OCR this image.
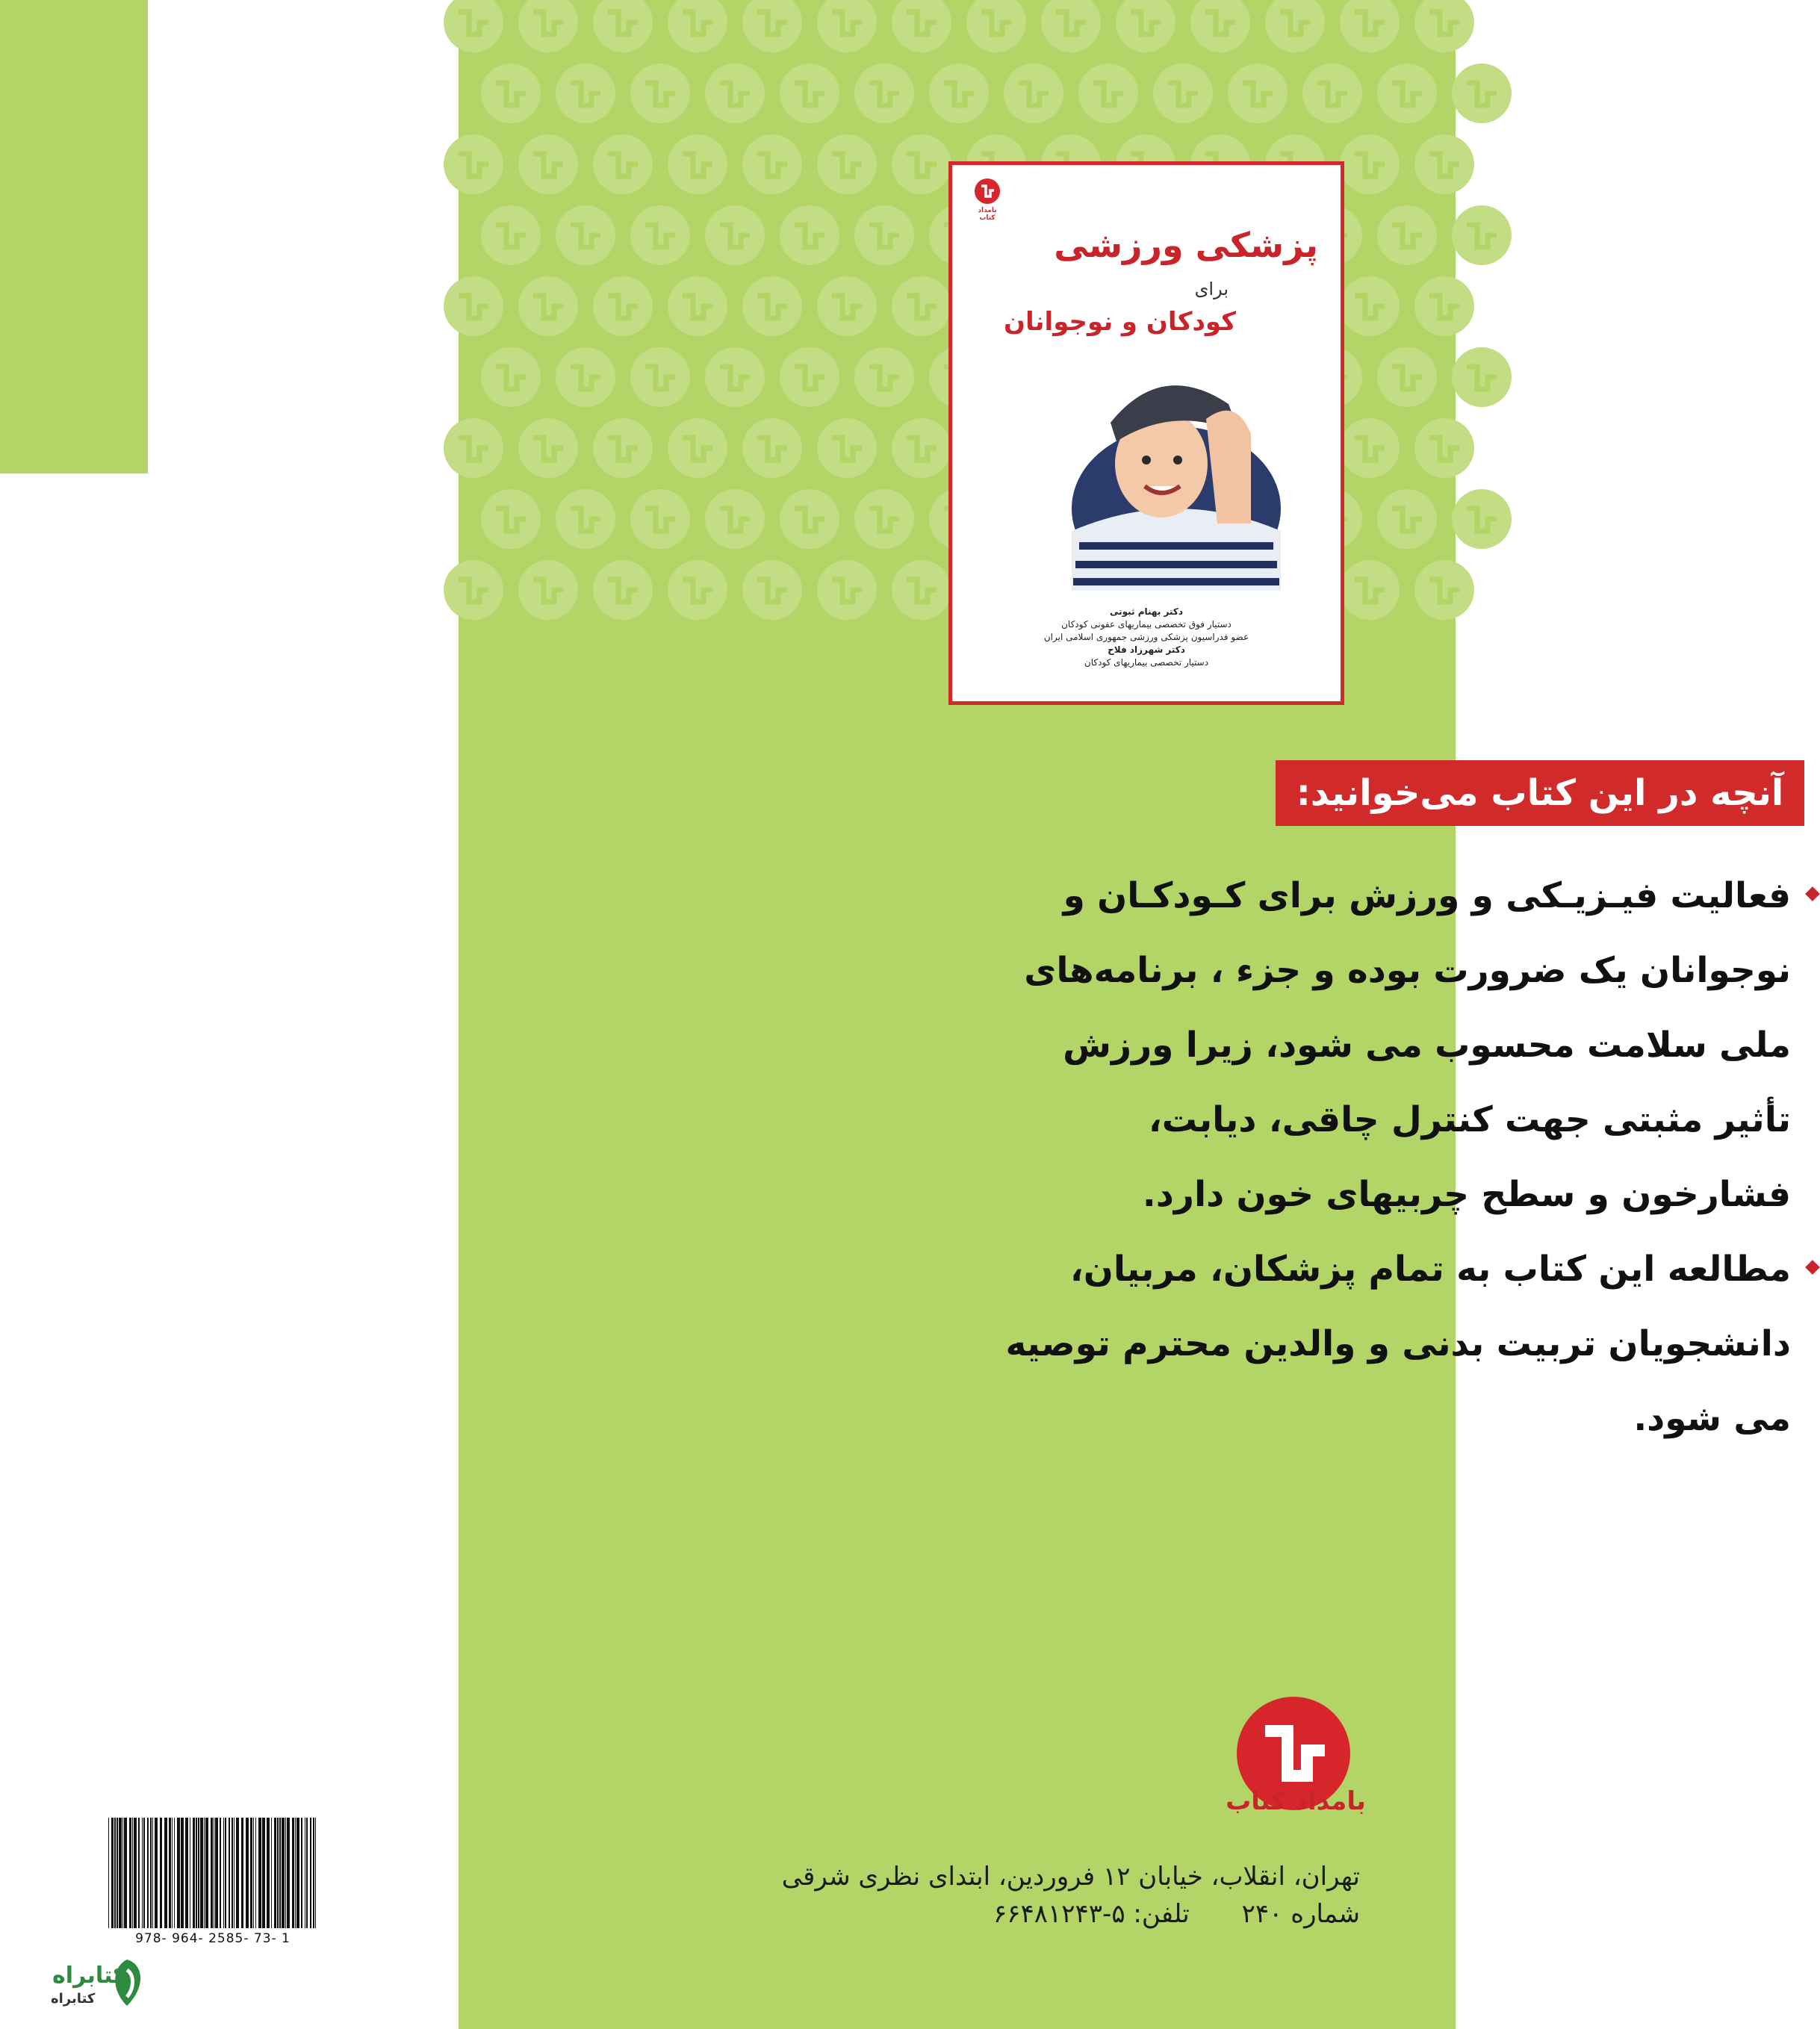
بامداد کتاب
پزشکی ورزشی
برای
کودکان و نوجوانان
دکتر بهنام ثبوتی
دستیار فوق تخصصی بیماریهای عفونی کودکان
عضو فدراسیون پزشکی ورزشی جمهوری اسلامی ایران
دکتر شهرزاد فلاح
دستیار تخصصی بیماریهای کودکان
آنچه در این کتاب می‌خوانید:
فعالیت فیـزیـکی و ورزش برای کـودکـان و نوجوانان یک ضرورت بوده و جزء ، برنامه‌های ملی سلامت محسوب می شود، زیرا ورزش تأثیر مثبتی جهت کنترل چاقی، دیابت، فشارخون و سطح چربیهای خون دارد.
مطالعه این کتاب به تمام پزشکان، مربیان، دانشجویان تربیت بدنی و والدین محترم توصیه می شود.
بامداد کتاب
تهران، انقلاب، خیابان ۱۲ فروردین، ابتدای نظری شرقی
شماره ۲۴۰
تلفن: ۵-۶۶۴۸۱۲۴۳
978- 964- 2585- 73- 1
کتابراه
کتابراه
